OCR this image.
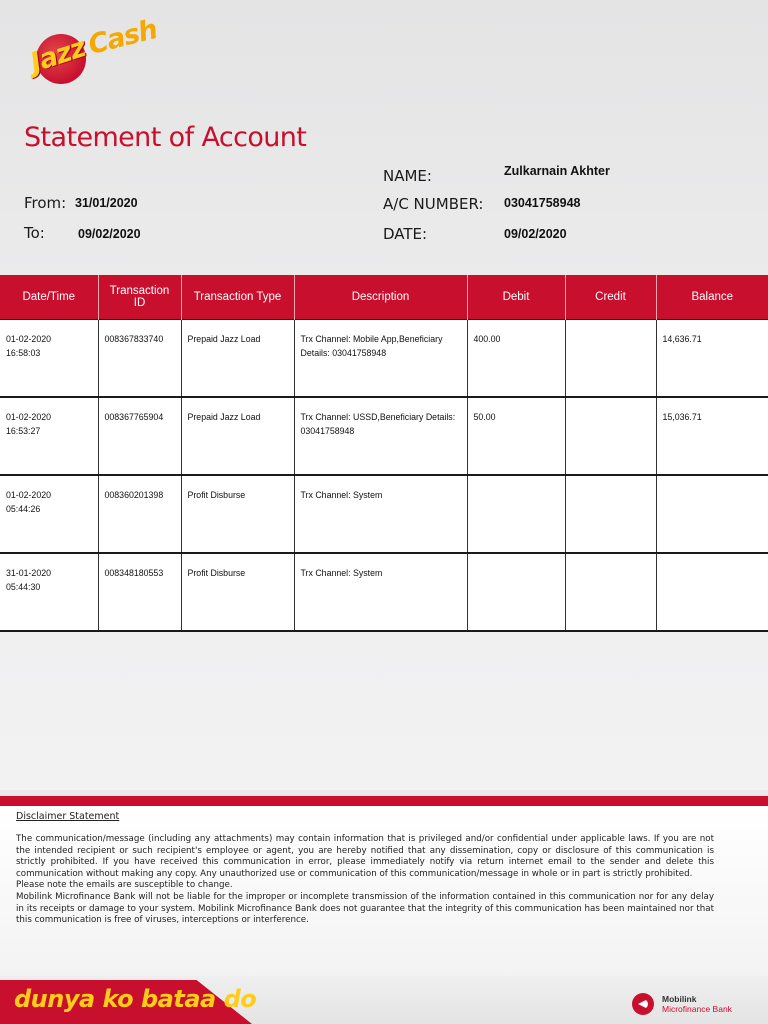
Jazz
Cash
Statement of Account
From: 31/01/2020
To:	09/02/2020
NAME:	Zulkarnain Akhter
A/C NUMBER: 03041758948
DATE:	09/02/2020
Date/Time	Transaction ID	Transaction Type	Description	Debit	Credit	Balance
01-02-2020
16:58:03	008367833740	Prepaid Jazz Load	Trx Channel: Mobile App,Beneficiary Details: 03041758948	400.00		14,636.71
01-02-2020
16:53:27	008367765904	Prepaid Jazz Load	Trx Channel: USSD,Beneficiary Details: 03041758948	50.00		15,036.71
01-02-2020
05:44:26	008360201398	Profit Disburse	Trx Channel: System			
31-01-2020
05:44:30	008348180553	Profit Disburse	Trx Channel: System			
Disclaimer Statement

The communication/message (including any attachments) may contain information that is privileged and/or confidential under applicable laws. If you are not the intended recipient or such recipient's employee or agent, you are hereby notified that any dissemination, copy or disclosure of this communication is strictly prohibited. If you have received this communication in error, please immediately notify via return internet email to the sender and delete this communication without making any copy. Any unauthorized use or communication of this communication/message in whole or in part is strictly prohibited.

Please note the emails are susceptible to change.

Mobilink Microfinance Bank will not be liable for the improper or incomplete transmission of the information contained in this communication nor for any delay in its receipts or damage to your system. Mobilink Microfinance Bank does not guarantee that the integrity of this communication has been maintained nor that this communication is free of viruses, interceptions or interference.

dunya ko bataa do	Mobilink
Microfinance Bank
